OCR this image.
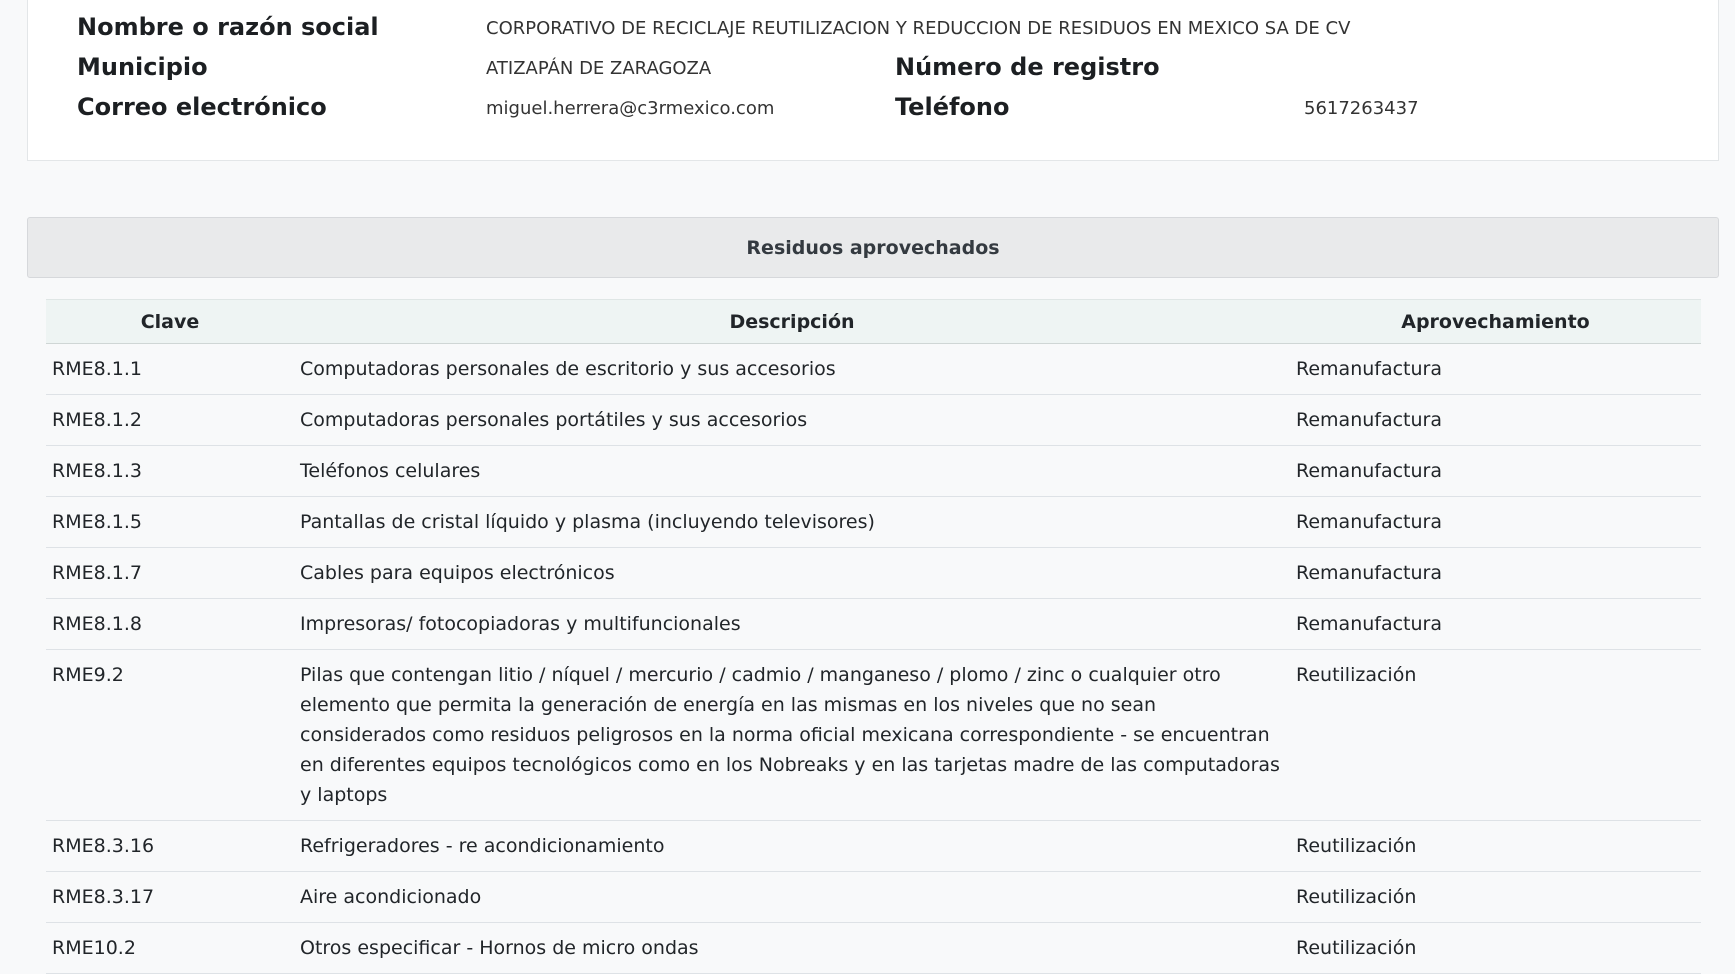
Nombre o razón social	CORPORATIVO DE RECICLAJE REUTILIZACION Y REDUCCION DE RESIDUOS EN MEXICO SA DE CV
Municipio	ATIZAPÁN DE ZARAGOZA	Número de registro
Correo electrónico	miguel.herrera@c3rmexico.com	Teléfono	5617263437
Residuos aprovechados
Clave	Descripción	Aprovechamiento
RME8.1.1	Computadoras personales de escritorio y sus accesorios	Remanufactura
RME8.1.2	Computadoras personales portátiles y sus accesorios	Remanufactura
RME8.1.3	Teléfonos celulares	Remanufactura
RME8.1.5	Pantallas de cristal líquido y plasma (incluyendo televisores)	Remanufactura
RME8.1.7	Cables para equipos electrónicos	Remanufactura
RME8.1.8	Impresoras/ fotocopiadoras y multifuncionales	Remanufactura
RME9.2	Pilas que contengan litio / níquel / mercurio / cadmio / manganeso / plomo / zinc o cualquier otro elemento que permita la generación de energía en las mismas en los niveles que no sean considerados como residuos peligrosos en la norma oficial mexicana correspondiente - se encuentran en diferentes equipos tecnológicos como en los Nobreaks y en las tarjetas madre de las computadoras y laptops	Reutilización
RME8.3.16	Refrigeradores - re acondicionamiento	Reutilización
RME8.3.17	Aire acondicionado	Reutilización
RME10.2	Otros especificar - Hornos de micro ondas	Reutilización
